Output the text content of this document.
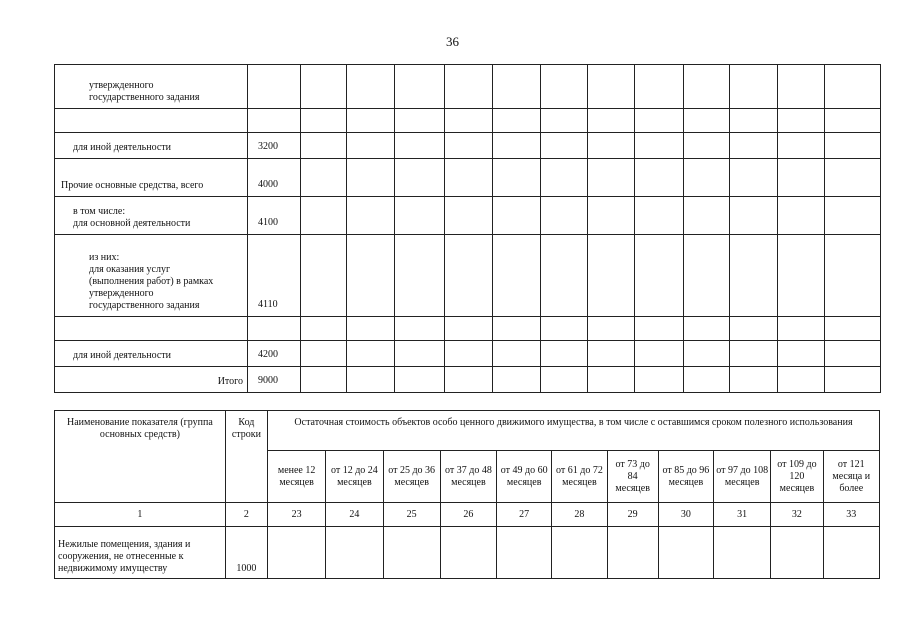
36
утвержденного
государственного задания													

для иной деятельности	3200												

Прочие основные средства, всего	4000												

в том числе:
для основной деятельности	4100												

из них:
для оказания услуг
(выполнения работ) в рамках
утвержденного
государственного задания	4110												

для иной деятельности	4200												

Итого	9000												
Наименование показателя (группа основных средств)	Код строки	Остаточная стоимость объектов особо ценного движимого имущества, в том числе с оставшимся сроком полезного использования										
		менее 12 месяцев	от 12 до 24 месяцев	от 25 до 36 месяцев	от 37 до 48 месяцев	от 49 до 60 месяцев	от 61 до 72 месяцев	от 73 до 84 месяцев	от 85 до 96 месяцев	от 97 до 108 месяцев	от 109 до 120 месяцев	от 121 месяца и более
1	2	23	24	25	26	27	28	29	30	31	32	33
Нежилые помещения, здания и сооружения, не отнесенные к недвижимому имуществу	1000											
